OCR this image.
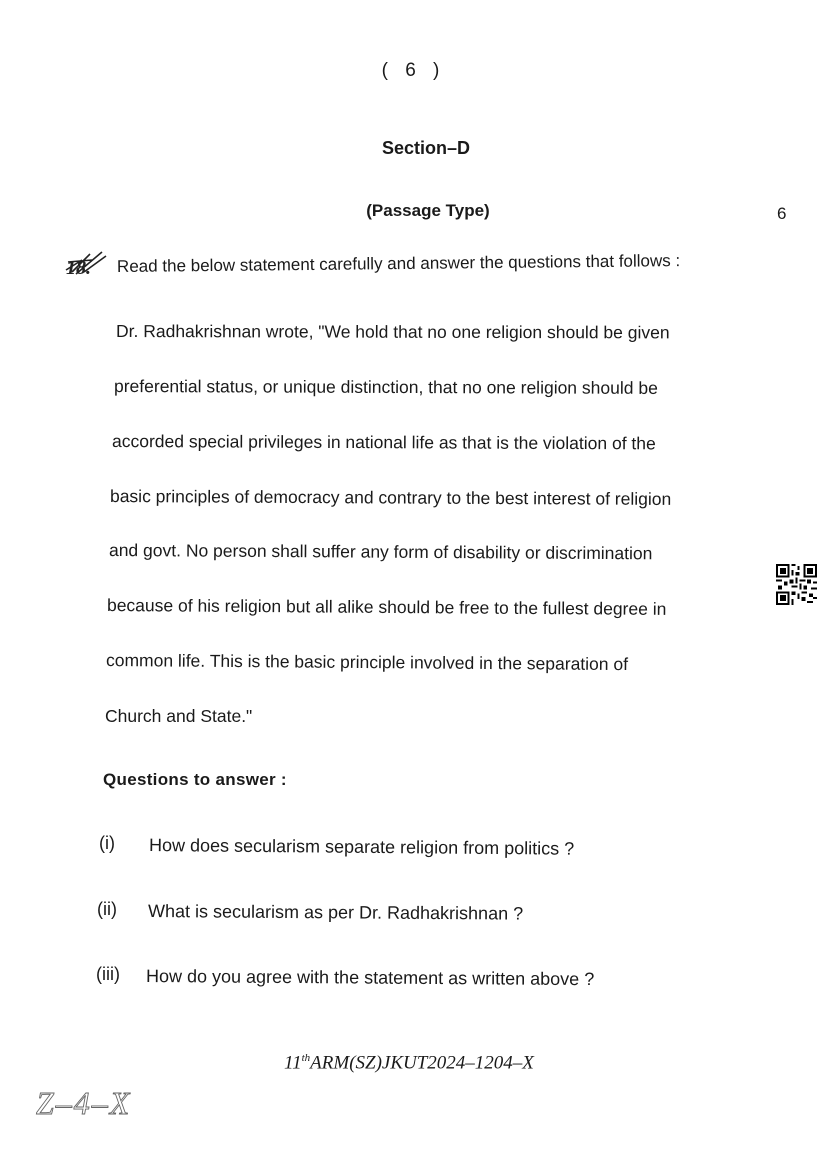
( 6 )
Section–D
(Passage Type)	6
18. Read the below statement carefully and answer the questions that follows :
Dr. Radhakrishnan wrote, "We hold that no one religion should be given
preferential status, or unique distinction, that no one religion should be
accorded special privileges in national life as that is the violation of the
basic principles of democracy and contrary to the best interest of religion
and govt. No person shall suffer any form of disability or discrimination
because of his religion but all alike should be free to the fullest degree in
common life. This is the basic principle involved in the separation of
Church and State."
Questions to answer :
(i) How does secularism separate religion from politics ?
(ii) What is secularism as per Dr. Radhakrishnan ?
(iii) How do you agree with the statement as written above ?
11thARM(SZ)JKUT2024–1204–X
Z–4–X
